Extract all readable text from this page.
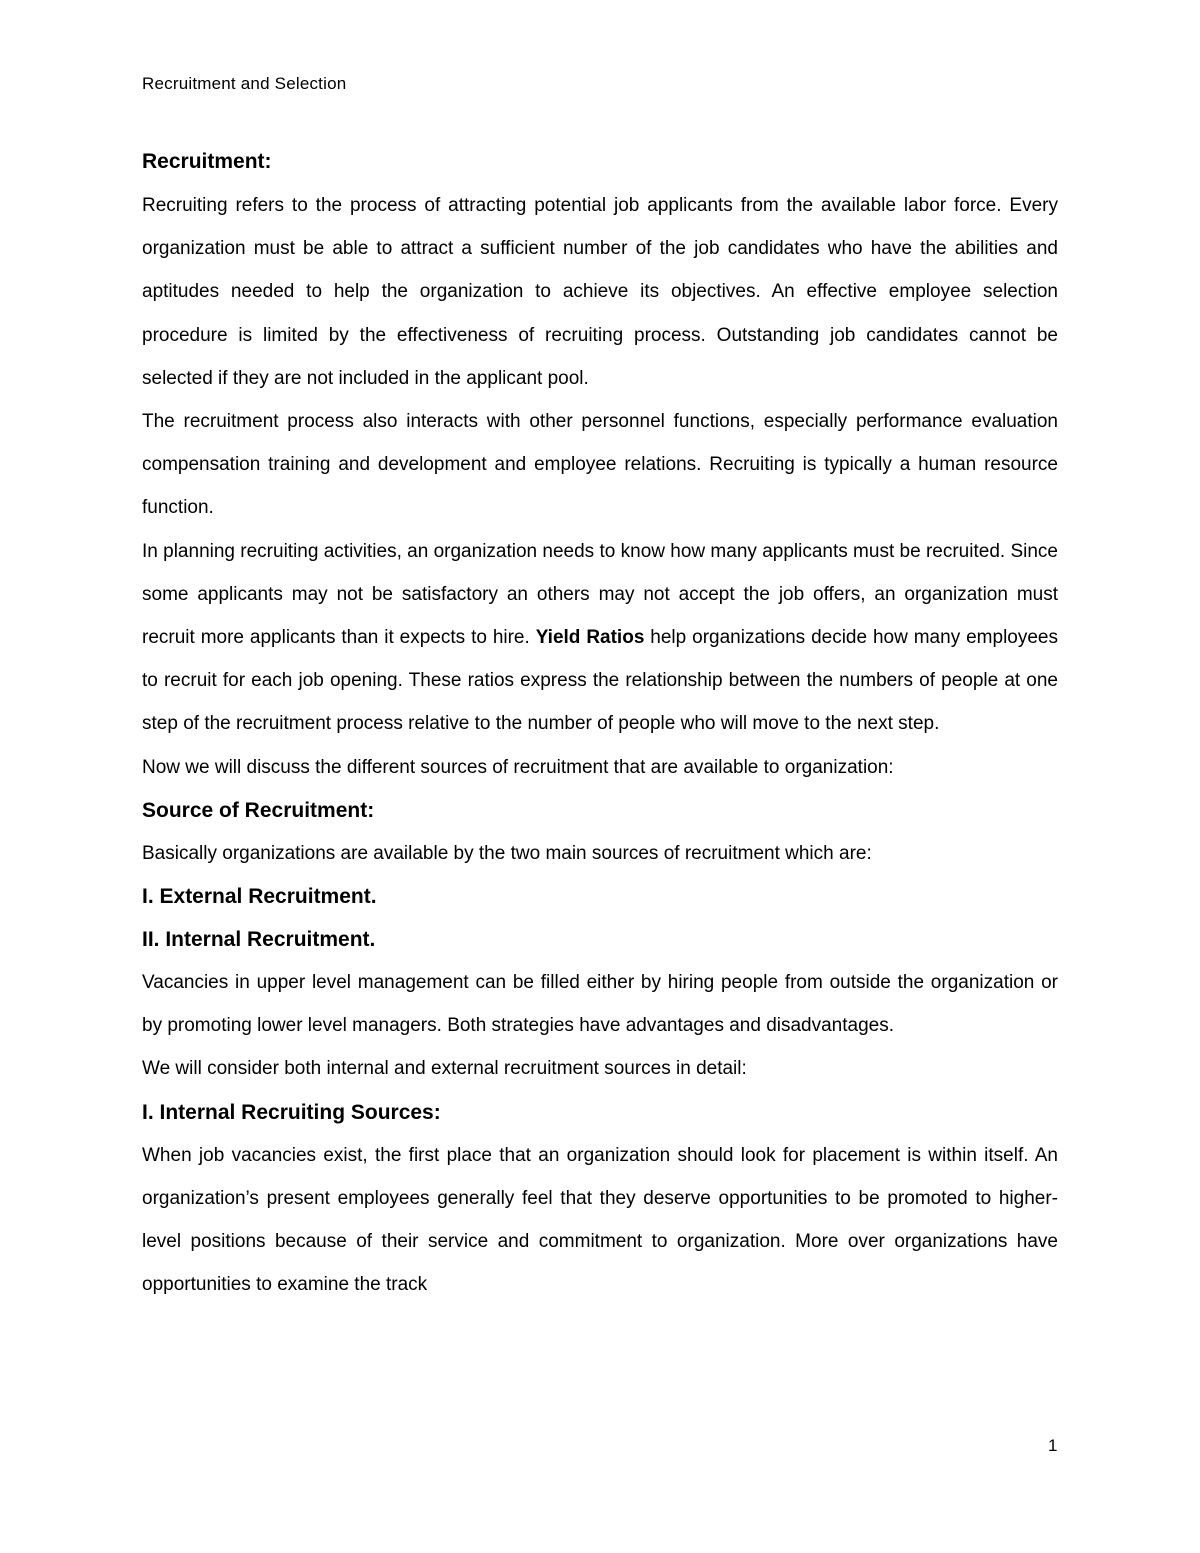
Recruitment and Selection
Recruitment:

Recruiting refers to the process of attracting potential job applicants from the available labor force. Every organization must be able to attract a sufficient number of the job candidates who have the abilities and aptitudes needed to help the organization to achieve its objectives. An effective employee selection procedure is limited by the effectiveness of recruiting process. Outstanding job candidates cannot be selected if they are not included in the applicant pool.

The recruitment process also interacts with other personnel functions, especially performance evaluation compensation training and development and employee relations. Recruiting is typically a human resource function.

In planning recruiting activities, an organization needs to know how many applicants must be recruited. Since some applicants may not be satisfactory an others may not accept the job offers, an organization must recruit more applicants than it expects to hire. Yield Ratios help organizations decide how many employees to recruit for each job opening. These ratios express the relationship between the numbers of people at one step of the recruitment process relative to the number of people who will move to the next step.

Now we will discuss the different sources of recruitment that are available to organization:

Source of Recruitment:

Basically organizations are available by the two main sources of recruitment which are:

I. External Recruitment.
II. Internal Recruitment.

Vacancies in upper level management can be filled either by hiring people from outside the organization or by promoting lower level managers. Both strategies have advantages and disadvantages.

We will consider both internal and external recruitment sources in detail:

I. Internal Recruiting Sources:

When job vacancies exist, the first place that an organization should look for placement is within itself. An organization’s present employees generally feel that they deserve opportunities to be promoted to higher-level positions because of their service and commitment to organization. More over organizations have opportunities to examine the track

1
